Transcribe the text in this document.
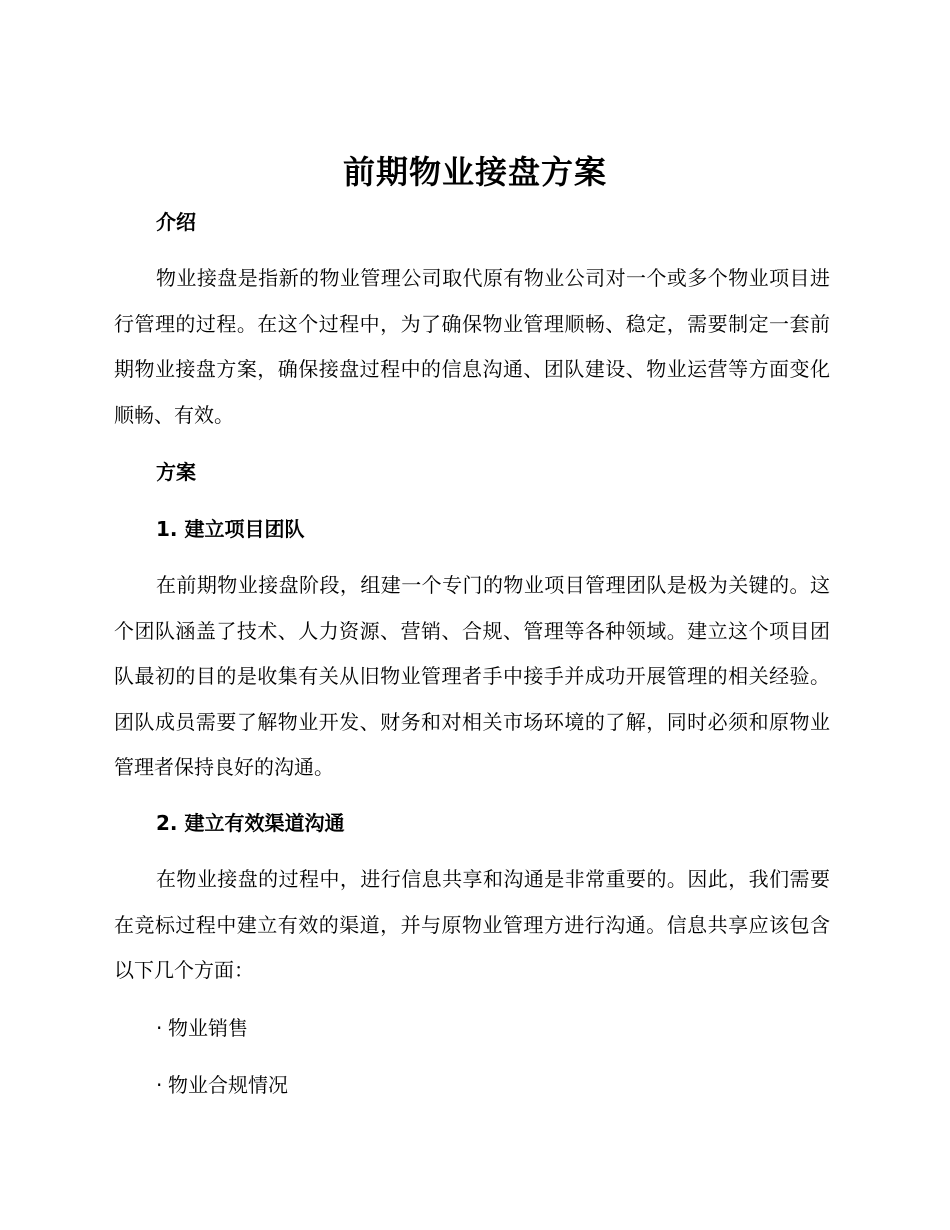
前期物业接盘方案
介绍

物业接盘是指新的物业管理公司取代原有物业公司对一个或多个物业项目进行管理的过程。在这个过程中，为了确保物业管理顺畅、稳定，需要制定一套前期物业接盘方案，确保接盘过程中的信息沟通、团队建设、物业运营等方面变化顺畅、有效。

方案
1. 建立项目团队

在前期物业接盘阶段，组建一个专门的物业项目管理团队是极为关键的。这个团队涵盖了技术、人力资源、营销、合规、管理等各种领域。建立这个项目团队最初的目的是收集有关从旧物业管理者手中接手并成功开展管理的相关经验。团队成员需要了解物业开发、财务和对相关市场环境的了解，同时必须和原物业管理者保持良好的沟通。

2. 建立有效渠道沟通

在物业接盘的过程中，进行信息共享和沟通是非常重要的。因此，我们需要在竞标过程中建立有效的渠道，并与原物业管理方进行沟通。信息共享应该包含以下几个方面：

· 物业销售
· 物业合规情况
